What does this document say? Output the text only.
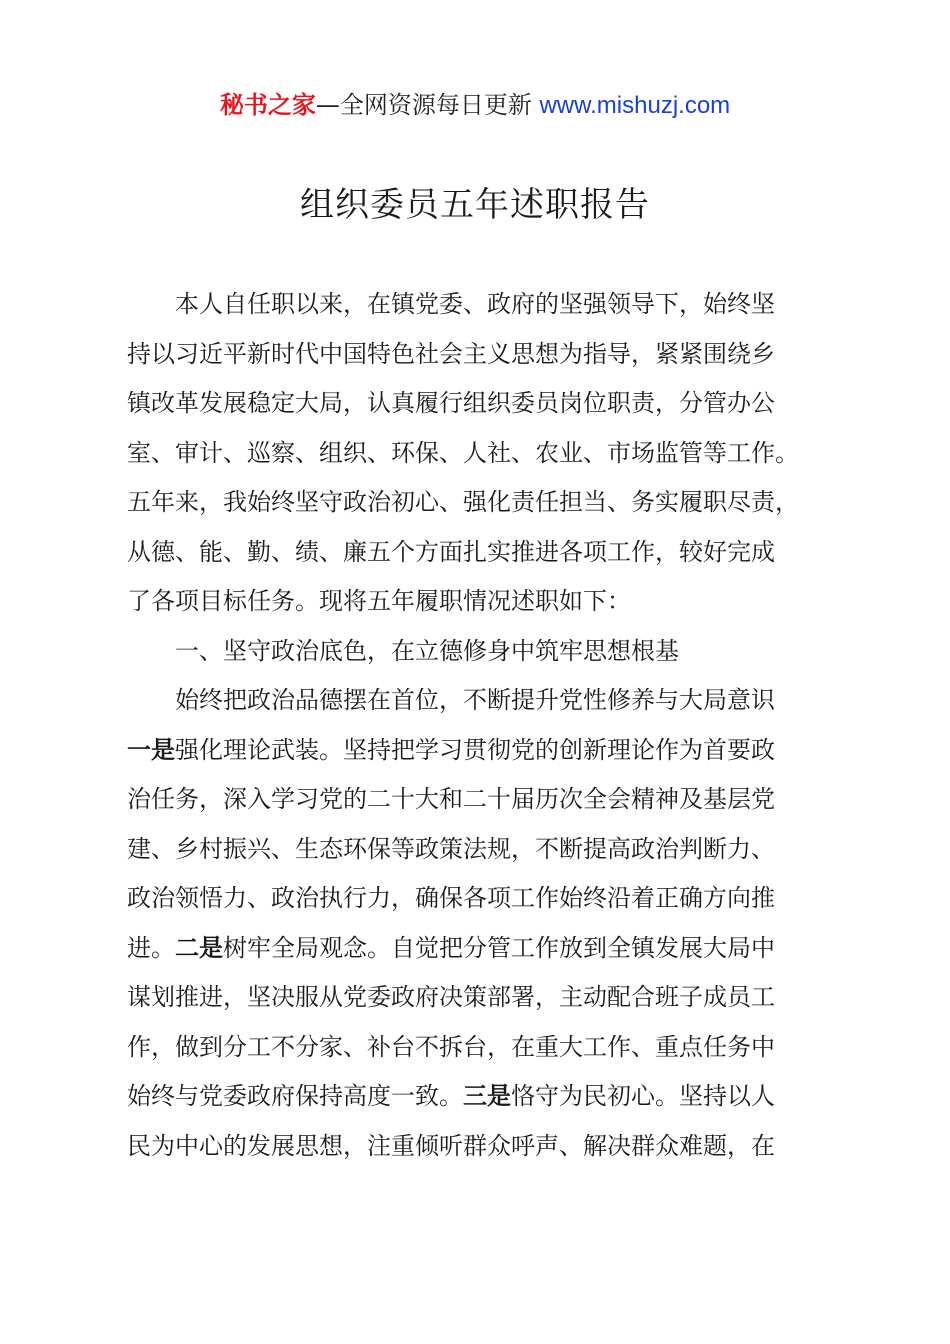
秘书之家—全网资源每日更新 www.mishuzj.com
组织委员五年述职报告
本人自任职以来，在镇党委、政府的坚强领导下，始终坚
持以习近平新时代中国特色社会主义思想为指导，紧紧围绕乡
镇改革发展稳定大局，认真履行组织委员岗位职责，分管办公
室、审计、巡察、组织、环保、人社、农业、市场监管等工作。
五年来，我始终坚守政治初心、强化责任担当、务实履职尽责，
从德、能、勤、绩、廉五个方面扎实推进各项工作，较好完成
了各项目标任务。现将五年履职情况述职如下：
一、坚守政治底色，在立德修身中筑牢思想根基
始终把政治品德摆在首位，不断提升党性修养与大局意识
一是强化理论武装。坚持把学习贯彻党的创新理论作为首要政
治任务，深入学习党的二十大和二十届历次全会精神及基层党
建、乡村振兴、生态环保等政策法规，不断提高政治判断力、
政治领悟力、政治执行力，确保各项工作始终沿着正确方向推
进。二是树牢全局观念。自觉把分管工作放到全镇发展大局中
谋划推进，坚决服从党委政府决策部署，主动配合班子成员工
作，做到分工不分家、补台不拆台，在重大工作、重点任务中
始终与党委政府保持高度一致。三是恪守为民初心。坚持以人
民为中心的发展思想，注重倾听群众呼声、解决群众难题，在
